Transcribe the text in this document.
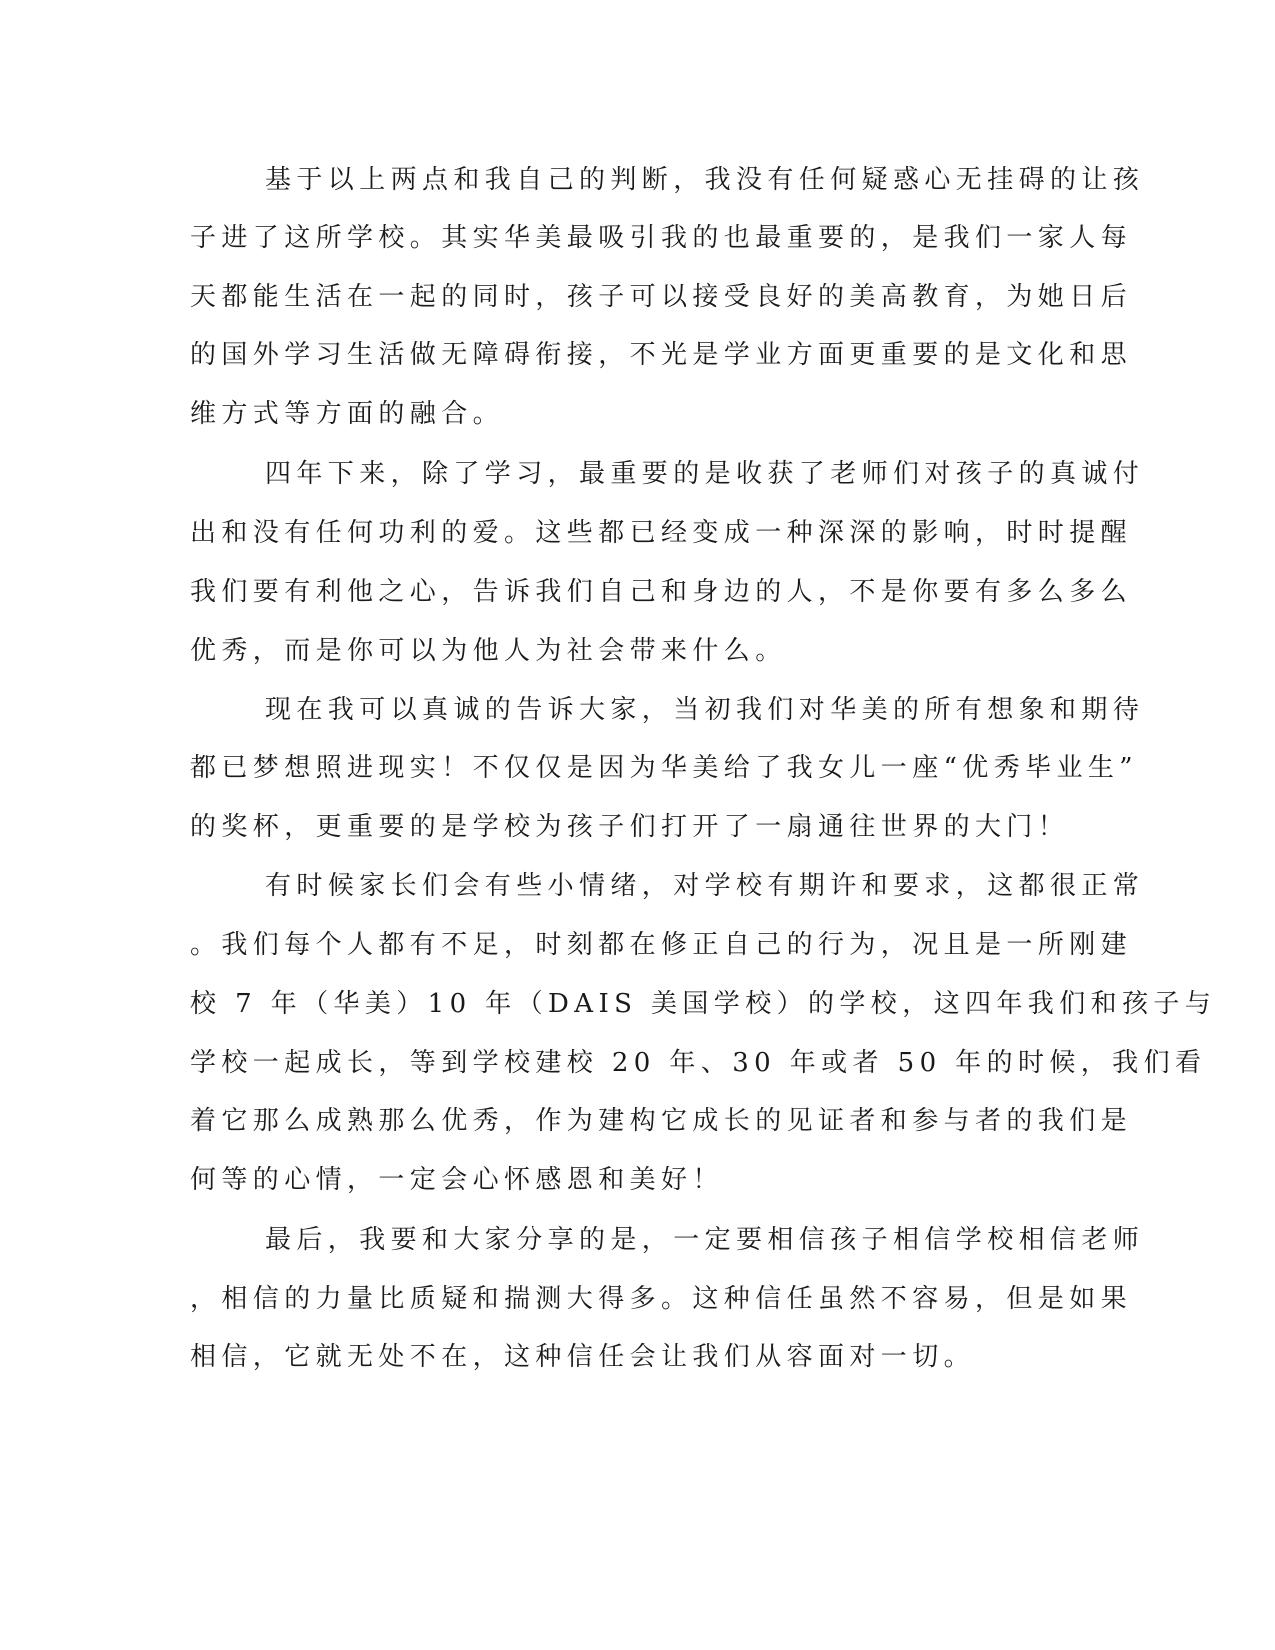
基于以上两点和我自己的判断，我没有任何疑惑心无挂碍的让孩
子进了这所学校。其实华美最吸引我的也最重要的，是我们一家人每
天都能生活在一起的同时，孩子可以接受良好的美高教育，为她日后
的国外学习生活做无障碍衔接，不光是学业方面更重要的是文化和思
维方式等方面的融合。
四年下来，除了学习，最重要的是收获了老师们对孩子的真诚付
出和没有任何功利的爱。这些都已经变成一种深深的影响，时时提醒
我们要有利他之心，告诉我们自己和身边的人，不是你要有多么多么
优秀，而是你可以为他人为社会带来什么。
现在我可以真诚的告诉大家，当初我们对华美的所有想象和期待
都已梦想照进现实！不仅仅是因为华美给了我女儿一座“优秀毕业生”
的奖杯，更重要的是学校为孩子们打开了一扇通往世界的大门！
有时候家长们会有些小情绪，对学校有期许和要求，这都很正常
。我们每个人都有不足，时刻都在修正自己的行为，况且是一所刚建
校 7 年（华美）10 年（DAIS 美国学校）的学校，这四年我们和孩子与
学校一起成长，等到学校建校 20 年、30 年或者 50 年的时候，我们看
着它那么成熟那么优秀，作为建构它成长的见证者和参与者的我们是
何等的心情，一定会心怀感恩和美好！
最后，我要和大家分享的是，一定要相信孩子相信学校相信老师
，相信的力量比质疑和揣测大得多。这种信任虽然不容易，但是如果
相信，它就无处不在，这种信任会让我们从容面对一切。
